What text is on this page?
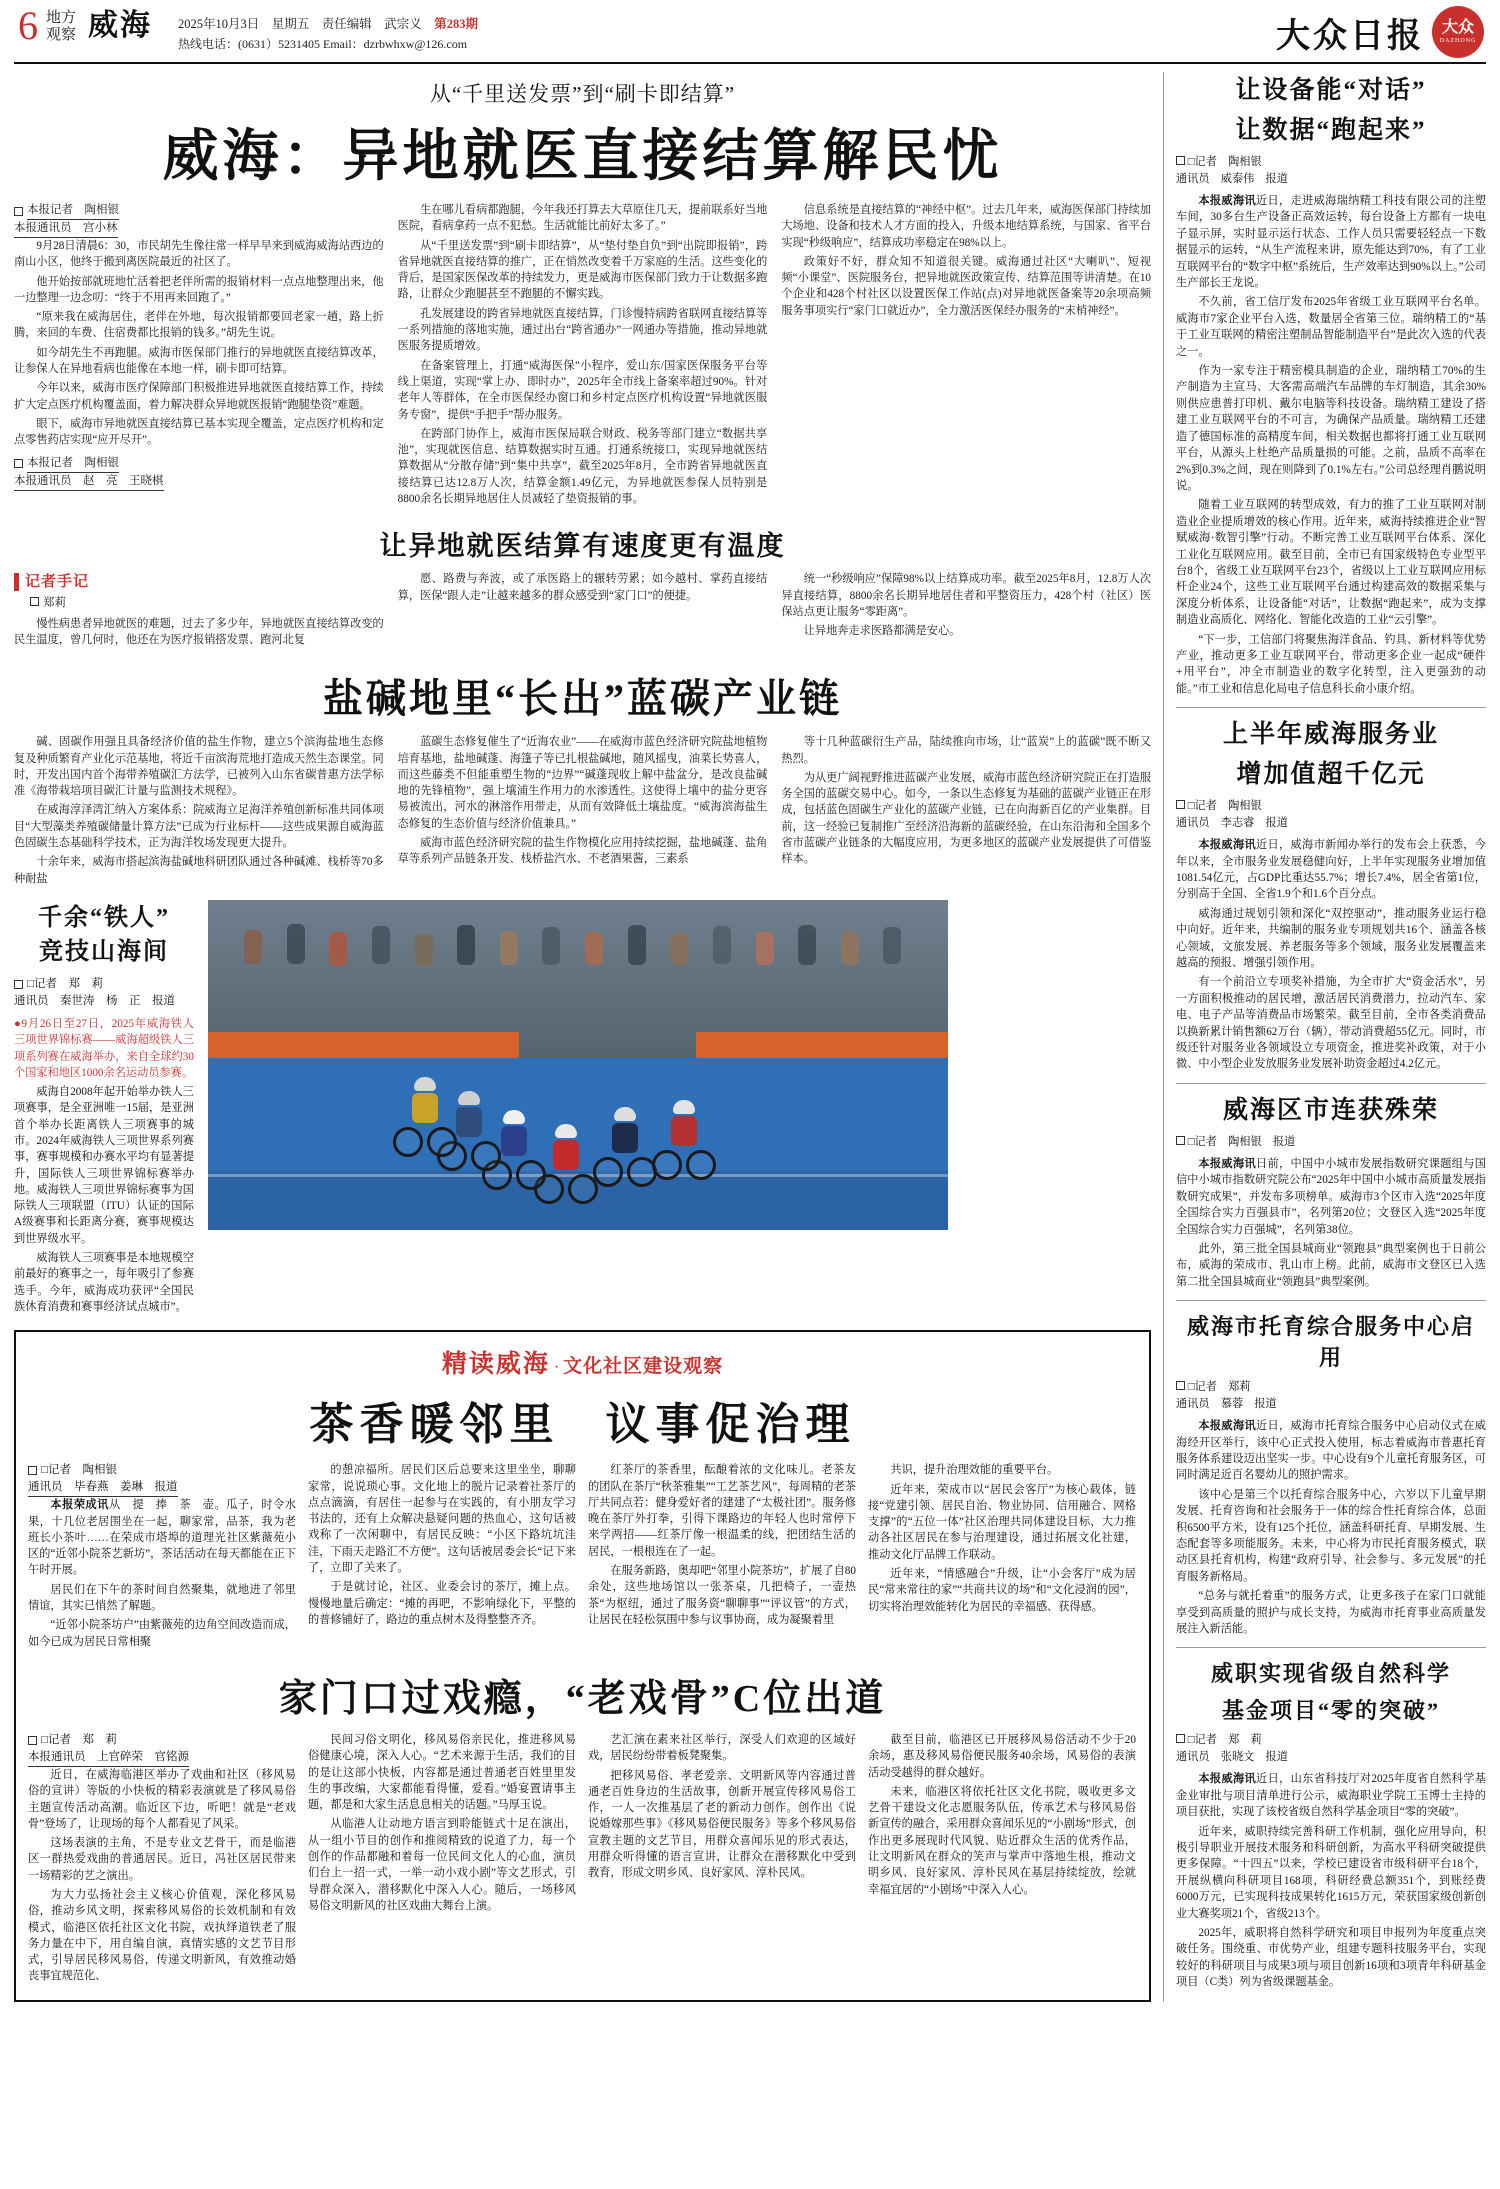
6 地方
观察 威海 2025年10月3日　星期五　责任编辑　武宗义　第283期
热线电话：(0631）5231405 Email：dzrbwhxw@126.com	大众日报 大众
DAZHONG
从“千里送发票”到“刷卡即结算”
威海：异地就医直接结算解民忧
本报记者　陶相银
本报通讯员　宫小林

9月28日清晨6：30，市民胡先生像往常一样早早来到威海威海站西边的南山小区，他终于搬到离医院最近的社区了。

他开始按部就班地忙活着把老伴所需的报销材料一点点地整理出来，他一边整理一边念叨：“终于不用再来回跑了。”

“原来我在威海居住，老伴在外地，每次报销都要回老家一趟，路上折腾，来回的车费、住宿费都比报销的钱多。”胡先生说。

如今胡先生不再跑腿。威海市医保部门推行的异地就医直接结算改革，让参保人在异地看病也能像在本地一样，刷卡即可结算。

今年以来，威海市医疗保障部门积极推进异地就医直接结算工作，持续扩大定点医疗机构覆盖面，着力解决群众异地就医报销“跑腿垫资”难题。

眼下，威海市异地就医直接结算已基本实现全覆盖，定点医疗机构和定点零售药店实现“应开尽开”。

本报记者　陶相银
本报通讯员　赵　亮　王晓棋

生在哪儿看病都跑腿，今年我还打算去大草原住几天，提前联系好当地医院，看病拿药一点不犯愁。生活就能比前好太多了。”

从“千里送发票”到“刷卡即结算”，从“垫付垫自负”到“出院即报销”，跨省异地就医直接结算的推广，正在悄然改变着千万家庭的生活。这些变化的背后，是国家医保改革的持续发力，更是威海市医保部门致力于让数据多跑路，让群众少跑腿甚至不跑腿的不懈实践。

孔发展建设的跨省异地就医直接结算，门诊慢特病跨省联网直接结算等一系列措施的落地实施，通过出台“跨省通办”一网通办等措施，推动异地就医服务提质增效。

在备案管理上，打通“威海医保”小程序，爱山东/国家医保服务平台等线上渠道，实现“掌上办、即时办”，2025年全市线上备案率超过90%。针对老年人等群体，在全市医保经办窗口和乡村定点医疗机构设置“异地就医服务专窗”，提供“手把手”帮办服务。

在跨部门协作上，威海市医保局联合财政、税务等部门建立“数据共享池”，实现就医信息、结算数据实时互通。打通系统接口，实现异地就医结算数据从“分散存储”到“集中共享”，截至2025年8月，全市跨省异地就医直接结算已达12.8万人次，结算金额1.49亿元，为异地就医参保人员特别是8800余名长期异地居住人员减轻了垫资报销的事。

信息系统是直接结算的“神经中枢”。过去几年来，威海医保部门持续加大场地、设备和技术人才方面的投入，升级本地结算系统，与国家、省平台实现“秒级响应”，结算成功率稳定在98%以上。

政策好不好，群众知不知道很关键。威海通过社区“大喇叭”、短视频“小课堂”、医院服务台，把异地就医政策宣传、结算范围等讲清楚。在10个企业和428个村社区以设置医保工作站(点)对异地就医备案等20余项高频服务事项实行“家门口就近办”，全力激活医保经办服务的“末梢神经”。

让异地就医结算有速度更有温度
记者手记
郑莉

慢性病患者异地就医的难题，过去了多少年，异地就医直接结算改变的民生温度，曾几何时，他还在为医疗报销搭发票、跑河北复

愿、路费与奔波，或了承医路上的辗转劳累；如今越村、掌药直接结算，医保“跟人走”让越来越多的群众感受到“家门口”的便捷。

统一“秒级响应”保障98%以上结算成功率。截至2025年8月，12.8万人次异直接结算，8800余名长期异地居住者和平整资压力，428个村（社区）医保站点更让服务“零距离”。

让异地奔走求医路都满是安心。

盐碱地里“长出”蓝碳产业链

碱、固碳作用强且具备经济价值的盐生作物，建立5个滨海盐地生态修复及种质繁育产业化示范基地，将近千亩滨海荒地打造成天然生态课堂。同时，开发出国内首个海带养殖碳汇方法学，已被列入山东省碳普惠方法学标准《海带栽培项目碳汇计量与监测技术规程》。

在威海淳泽湾汇纳入方案体系：院威海立足海洋养殖创新标准共同体项目“大型藻类养殖碳储量计算方法”已成为行业标杆——这些成果源自威海蓝色固碳生态基础科学技术，正为海洋牧场发现更大提升。

十余年来，威海市搭起滨海盐碱地科研团队通过各种碱滩、栈桥等70多种耐盐

蓝碳生态修复催生了“近海农业”——在威海市蓝色经济研究院盐地植物培育基地，盐地碱蓬、海篷子等已扎根盐碱地，随风摇曳，油菜长势喜人，而这些藤类不但能重塑生物的“边界”“碱蓬现收上解中盐盆分，是改良盐碱地的先锋植物”，强上壤浦生作用力的水渗透性。这使得上壤中的盐分更容易被流出，河水的淋溶作用带走，从而有效降低土壤盐度。“威海滨海盐生态修复的生态价值与经济价值兼具。”

威海市蓝色经济研究院的盐生作物模化应用持续挖掘，盐地碱蓬、盐角草等系列产品链条开发、栈桥盐汽水、不老酒果酱，三素系

等十几种蓝碳衍生产品，陆续推向市场，让“蓝炭”上的蓝碳”既不断又热烈。

为从更广阔视野推进蓝碳产业发展，威海市蓝色经济研究院正在打造服务全国的蓝碳交易中心。如今，一条以生态修复为基础的蓝碳产业链正在形成，包括蓝色固碳生产业化的蓝碳产业链，已在向海新百亿的产业集群。目前，这一经验已复制推广至经济沿海新的蓝碳经验，在山东沿海和全国多个省市蓝碳产业链条的大幅度应用，为更多地区的蓝碳产业发展提供了可借鉴样本。

千余“铁人”
竞技山海间
□记者　郑　莉
通讯员　秦世涛　杨　正　报道

●9月26日至27日，2025年威海铁人三项世界锦标赛——威海超级铁人三项系列赛在威海举办，来自全球约30个国家和地区1000余名运动员参赛。

威海自2008年起开始举办铁人三项赛事，是全亚洲唯一15届，是亚洲首个举办长距离铁人三项赛事的城市。2024年威海铁人三项世界系列赛事，赛事规模和办赛水平均有显著提升，国际铁人三项世界锦标赛举办地。威海铁人三项世界锦标赛事为国际铁人三项联盟（ITU）认证的国际A级赛事和长距离分赛，赛事规模达到世界级水平。

威海铁人三项赛事是本地规模空前最好的赛事之一，每年吸引了参赛选手。今年，威海成功获评“全国民族休育消费和赛事经济试点城市”。

精读威海 · 文化社区建设观察
茶香暖邻里 议事促治理
□记者　陶相银
通讯员　毕春燕　姜琳　报道

本报荣成讯从　提　捧　茶　壶。瓜子，时令水果，十几位老居围坐在一起，聊家常，品茶，我为老班长小茶叶……在荣成市塔埠的道理光社区紫薇苑小区的“近邻小院茶艺新坊”，茶话活动在每天都能在正下午时开展。

居民们在下午的茶时间自然聚集，就地进了邻里情谊，其实已悄然了解题。

“近邻小院茶坊户”由紫薇苑的边角空间改造而成，如今已成为居民日常相聚

的憩凉福所。居民们区后总要来这里坐坐，聊聊家常，说说琐心事。文化地上的脱片记录着社茶厅的点点滴滴，有居住一起参与在实践的，有小朋友学习书法的，还有上众解决悬疑问题的热血心，这句话被戏称了一次闲聊中，有居民反映：“小区下路坑坑洼洼，下雨天走路汇不方便”。这句话被居委会长“记下来了，立即了关来了。

于是就讨论，社区、业委会讨的茶厅，摊上点。慢慢地量后确定：“摊的再吧，不影响绿化下，平整的的普修铺好了，路边的重点树木及得整整齐齐。

红茶厅的茶香里，酝酿着浓的文化味儿。老茶友的团队在茶厅“秋茶雅集”“工艺茶艺风”，每周精的老茶厅共同点若：健身爱好者的建建了“太极社团”。服务修晚在茶厅外打拳，引得下课路边的年轻人也时常停下来学两招——红茶厅像一根温柔的线，把团结生活的居民，一根根连在了一起。

在服务新路，奥却吧“邻里小院茶坊”，扩展了自80余处，这些地场馆以一张茶桌，几把椅子，一壶热茶“为枢纽，通过了服务资“聊聊事”“评议管”的方式，让居民在轻松氛围中参与议事协商，成为凝聚着里

共识，提升治理效能的重要平台。

近年来，荣成市以“居民会客厅”为核心载体，链接“党建引领、居民自治、物业协同、信用融合、网格支撑”的“五位一体”社区治理共同体建设目标，大力推动各社区居民在参与治理建设，通过拓展文化社建，推动文化厅品牌工作联动。

近年来，“情感融合”升级，让“小会客厅”成为居民“常来常往的家”“共商共议的场”和“文化浸润的园”，切实将治理效能转化为居民的幸福感、获得感。

家门口过戏瘾，“老戏骨”C位出道
□记者　郑　莉
本报通讯员　上官碎荣　官铭源

近日，在威海临港区举办了戏曲和社区（移风易俗的宣讲）等版的小快板的精彩表演就是了移风易俗主题宣传活动高潮。临近区下边，听吧！就是“老戏骨”登场了，让现场的每个人都看见了风采。

这场表演的主角，不是专业文艺骨干，而是临港区一群热爱戏曲的普通居民。近日，冯社区居民带来一场精彩的艺之演出。

为大力弘扬社会主义核心价值观，深化移风易俗，推动乡风文明，探索移风易俗的长效机制和有效模式，临港区依托社区文化书院，戏执绎道铁老了服务力量在中下，用自编自演，真情实感的文艺节目形式，引导居民移风易俗，传递文明新风，有效推动婚丧事宜规范化、

民间习俗文明化，移风易俗亲民化，推进移风易俗健康心境，深入人心。“艺术来源于生活，我们的目的是让这部小快板，内容都是通过普通老百姓里里发生的事改编，大家都能看得懂，爱看。”婚宴置请事主题，都是和大家生活息息相关的话题。”马厚玉说。

从临港人让动地方语言到聆能链式十足在演出，从一组小节目的创作和推阅精致的说道了力，每一个创作的作品都融和着每一位民间文化人的心血，演员们台上一招一式，一举一动小戏小剧”等文艺形式，引导群众深入，潜移默化中深入人心。随后，一场移风易俗文明新风的社区戏曲大舞台上演。

艺汇演在素来社区举行，深受人们欢迎的区域好戏，居民纷纷带着板凳聚集。

把移风易俗、孝老爱亲、文明新风等内容通过普通老百姓身边的生活故事，创新开展宣传移风易俗工作，一人一次推基层了老的新动力创作。创作出《说说婚嫁那些事》《移风易俗便民服务》等多个移风易俗宣教主题的文艺节目，用群众喜闻乐见的形式表达，用群众听得懂的语言宣讲，让群众在潜移默化中受到教育，形成文明乡风、良好家风、淳朴民风。

截至目前，临港区已开展移风易俗活动不少于20余场，惠及移风易俗便民服务40余场，风易俗的表演活动受越得的群众越好。

未来，临港区将依托社区文化书院，吸收更多文艺骨干建设文化志愿服务队伍，传承艺术与移风易俗新宣传的融合，采用群众喜闻乐见的“小剧场”形式，创作出更多展现时代风貌、贴近群众生活的优秀作品，让文明新风在群众的笑声与掌声中落地生根，推动文明乡风、良好家风、淳朴民风在基层持续绽放，绘就幸福宜居的“小剧场”中深入人心。

让设备能“对话”
让数据“跑起来”
□记者　陶相银
通讯员　威泰伟　报道

本报威海讯近日，走进威海瑞纳精工科技有限公司的注塑车间，30多台生产设备正高效运转，每台设备上方都有一块电子显示屏，实时显示运行状态、工作人员只需要轻轻点一下数据显示的运转，“从生产流程来讲，原先能达到70%，有了工业互联网平台的“数字中枢”系统后，生产效率达到90%以上。”公司生产部长王龙说。

不久前，省工信厅发布2025年省级工业互联网平台名单。威海市7家企业平台入选，数量居全省第三位。瑞纳精工的“基于工业互联网的精密注塑制品智能制造平台”是此次入选的代表之一。

作为一家专注于精密模具制造的企业，瑞纳精工70%的生产制造为主宣马、大客需高端汽车品牌的车灯制造，其余30%则供应患普打印机、戴尔电脑等科技设备。瑞纳精工建设了搭建工业互联网平台的不可言，为确保产品质量。瑞纳精工还建造了德国标准的高精度车间，相关数据也都将打通工业互联网平台，从源头上杜绝产品质量损的可能。之前，品质不高率在2%到0.3%之间，现在则降到了0.1%左右。”公司总经理肖鹏说明说。

随着工业互联网的转型成效，有力的推了工业互联网对制造业企业提质增效的核心作用。近年来，威海持续推进企业“智赋威海·数智引擎”行动。不断完善工业互联网平台体系、深化工业化互联网应用。截至目前，全市已有国家级特色专业型平台8个，省级工业互联网平台23个，省级以上工业互联网应用标杆企业24个，这些工业互联网平台通过构建高效的数据采集与深度分析体系，让设备能“对话”，让数据“跑起来”，成为支撑制造业高质化、网络化、智能化改造的工业“云引擎”。

“下一步，工信部门将聚焦海洋食品、钓具、新材料等优势产业，推动更多工业互联网平台，带动更多企业一起成“硬件+用平台”，冲全市制造业的数字化转型，注入更强劲的动能。”市工业和信息化局电子信息科长俞小康介绍。

上半年威海服务业
增加值超千亿元
□记者　陶相银
通讯员　李志睿　报道

本报威海讯近日，威海市新闻办举行的发布会上获悉，今年以来，全市服务业发展稳健向好，上半年实现服务业增加值1081.54亿元，占GDP比重达55.7%；增长7.4%，居全省第1位，分别高于全国、全省1.9个和1.6个百分点。

威海通过规划引领和深化“双控驱动”，推动服务业运行稳中向好。近年来，共编制的服务业专项规划共16个、涵盖各核心领域，文旅发展、养老服务等多个领域，服务业发展覆盖来越高的预报、增强引领作用。

有一个前沿立专项奖补措施，为全市扩大“资金活水”，另一方面积极推动的居民增，激活居民消费潜力，拉动汽车、家电、电子产品等消费品市场繁荣。截至目前，全市各类消费品以换新累计销售额62万台（辆），带动消费超55亿元。同时，市级还针对服务业各领域设立专项资金，推进奖补政策，对于小微、中小型企业发放服务业发展补助资金超过4.2亿元。

威海区市连获殊荣
□记者　陶相银　报道

本报威海讯日前，中国中小城市发展指数研究课题组与国信中小城市指数研究院公布“2025年中国中小城市高质量发展指数研究成果”，并发布多项榜单。威海市3个区市入选“2025年度全国综合实力百强县市”，名列第20位；文登区入选“2025年度全国综合实力百强城”，名列第38位。

此外，第三批全国县城商业“领跑县”典型案例也于日前公布，威海的荣成市、乳山市上榜。此前，威海市文登区已入选第二批全国县城商业“领跑县”典型案例。

威海市托育综合服务中心启用
□记者　郑莉
通讯员　慕蓉　报道

本报威海讯近日，威海市托育综合服务中心启动仪式在威海经开区举行，该中心正式投入使用，标志着威海市普惠托育服务体系建设迈出坚实一步。中心设有9个儿童托育服务区，可同时满足近百名婴幼儿的照护需求。

该中心是第三个以托育综合服务中心，六岁以下儿童早期发展、托育咨询和社会服务于一体的综合性托育综合体，总面积6500平方米，设有125个托位，涵盖科研托育、早期发展、生态配套等多项能服务。未来，中心将为市民托育服务模式，联动区县托育机构，构建“政府引导、社会参与、多元发展”的托育服务新格局。

“总务与就托着重”的服务方式，让更多孩子在家门口就能享受到高质量的照护与成长支持，为威海市托育事业高质量发展注入新活能。

威职实现省级自然科学
基金项目“零的突破”
□记者　郑　莉
通讯员　张晓文　报道

本报威海讯近日，山东省科技厅对2025年度省自然科学基金业审批与项目清单进行公示，威海职业学院工玉博士主持的项目获批，实现了该校省级自然科学基金项目“零的突破”。

近年来，威职持续完善科研工作机制，强化应用导向，积极引导职业开展技术服务和科研创新，为高水平科研突破提供更多保障。“十四五”以来，学校已建设省市级科研平台18个，开展纵横向科研项目168项，科研经费总额351个，到账经费6000万元，已实现科技成果转化1615万元，荣获国家级创新创业大赛奖项21个，省级213个。

2025年，威职将自然科学研究和项目申报列为年度重点突破任务。围绕重、市优势产业，组建专题科技服务平台，实现较好的科研项目与成果3项与项目创新16项和3项青年科研基金项目（C类）列为省级课题基金。
